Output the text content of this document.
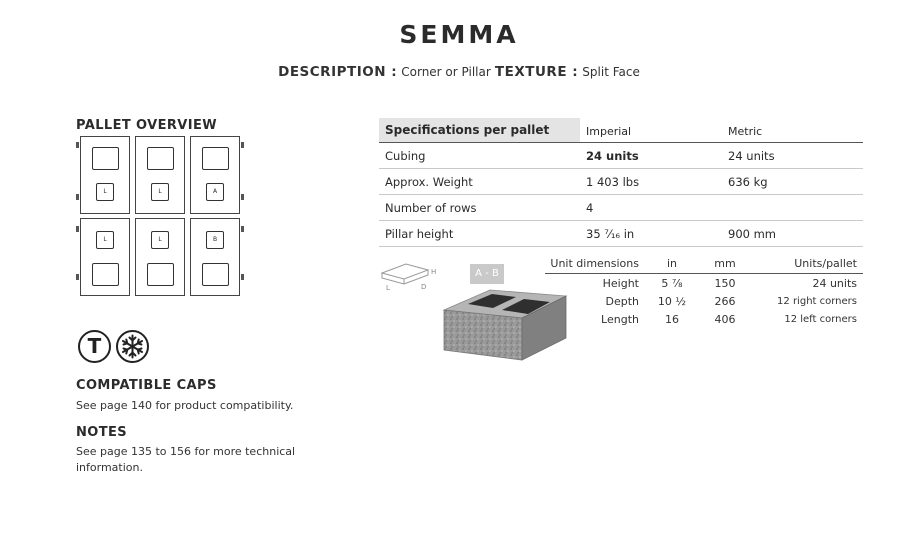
SEMMA
DESCRIPTION : Corner or Pillar TEXTURE : Split Face
PALLET OVERVIEW
L	L	A
L	L	B
T
COMPATIBLE CAPS
See page 140 for product compatibility.
NOTES
See page 135 to 156 for more technical information.
Specifications per pallet	Imperial	Metric
Cubing	24 units	24 units
Approx. Weight	1 403 lbs	636 kg
Number of rows	4
Pillar height	35 ⁷⁄₁₆ in	900 mm
H
L	D
A - B
Unit dimensions	in	mm	Units/pallet
Height	5 ⅞	150	24 units
Depth	10 ½	266	12 right corners
Length	16	406	12 left corners
